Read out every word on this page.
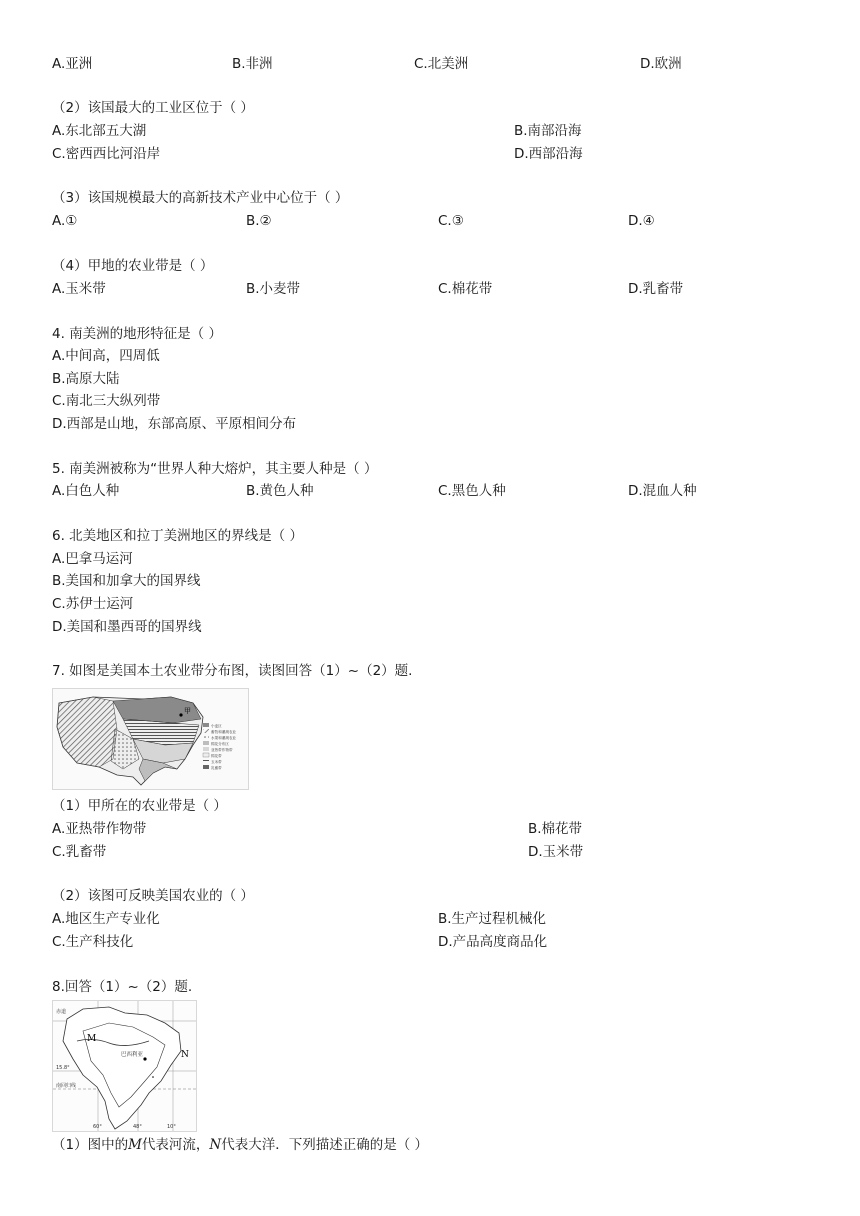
A.亚洲	B.非洲	C.北美洲	D.欧洲
（2）该国最大的工业区位于（ ）
A.东北部五大湖	B.南部沿海
C.密西西比河沿岸	D.西部沿海
（3）该国规模最大的高新技术产业中心位于（ ）
A.①	B.②	C.③	D.④
（4）甲地的农业带是（ ）
A.玉米带	B.小麦带	C.棉花带	D.乳畜带
4. 南美洲的地形特征是（ ）
A.中间高，四周低
B.高原大陆
C.南北三大纵列带
D.西部是山地，东部高原、平原相间分布
5. 南美洲被称为“世界人种大熔炉，其主要人种是（ ）
A.白色人种	B.黄色人种	C.黑色人种	D.混血人种
6. 北美地区和拉丁美洲地区的界线是（ ）
A.巴拿马运河
B.美国和加拿大的国界线
C.苏伊士运河
D.美国和墨西哥的国界线
7. 如图是美国本土农业带分布图，读图回答（1）~（2）题.
甲
小麦区
畜牧和灌溉农业
水果和灌溉农业
棉花分布区
亚热带作物带
棉花带
玉米带
乳畜带
（1）甲所在的农业带是（ ）
A.亚热带作物带	B.棉花带
C.乳畜带	D.玉米带
（2）该图可反映美国农业的（ ）
A.地区生产专业化	B.生产过程机械化
C.生产科技化	D.产品高度商品化
8.回答（1）~（2）题.
M
N
赤道
巴西利亚
15.8°
南回归线
60°	48°	10°
（1）图中的M代表河流，N代表大洋．下列描述正确的是（ ）
